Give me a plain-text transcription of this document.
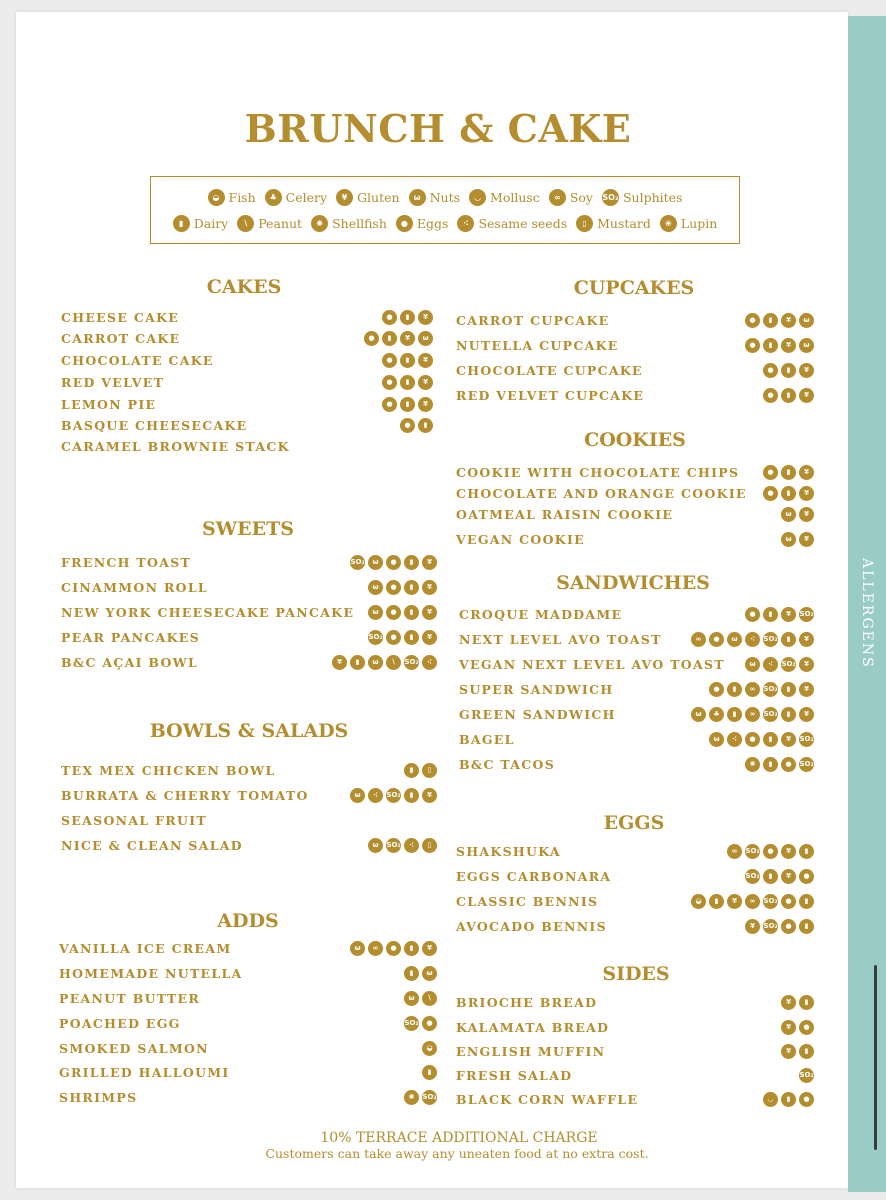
ALLERGENS
BRUNCH & CAKE
◒ Fish	♣ Celery	¥ Gluten	ω Nuts	◡ Mollusc	∞ Soy SO₂ Sulphites
▮ Dairy	∖ Peanut	✺ Shellfish	● Eggs	⁖ Sesame seeds	▯ Mustard	❀ Lupin
CAKES
CHEESE CAKE	●	▮	¥
CARROT CAKE	●	▮	¥	ω
CHOCOLATE CAKE	●	▮	¥
RED VELVET	●	▮	¥
LEMON PIE	●	▮	¥
BASQUE CHEESECAKE	●	▮
CARAMEL BROWNIE STACK
SWEETS
FRENCH TOAST	SO₂	ω	●	▮	¥
CINAMMON ROLL	ω	●	▮	¥
NEW YORK CHEESECAKE PANCAKE	ω	●	▮	¥
PEAR PANCAKES	SO₂	●	▮	¥
B&C AÇAI BOWL	¥	▮	ω	∖	SO₂	⁖
BOWLS & SALADS
TEX MEX CHICKEN BOWL	▮	▯
BURRATA & CHERRY TOMATO	ω	⁖	SO₂	▮	¥
SEASONAL FRUIT
NICE & CLEAN SALAD	ω	SO₂	⁖	▯
ADDS
VANILLA ICE CREAM	ω	∞	●	▮	¥
HOMEMADE NUTELLA	▮	ω
PEANUT BUTTER	ω	∖
POACHED EGG	SO₂	●
SMOKED SALMON	◒
GRILLED HALLOUMI	▮
SHRIMPS	✺	SO₂
CUPCAKES
CARROT CUPCAKE	●	▮	¥	ω
NUTELLA CUPCAKE	●	▮	¥	ω
CHOCOLATE CUPCAKE	●	▮	¥
RED VELVET CUPCAKE	●	▮	¥
COOKIES
COOKIE WITH CHOCOLATE CHIPS	●	▮	¥
CHOCOLATE AND ORANGE COOKIE	●	▮	¥
OATMEAL RAISIN COOKIE	ω	¥
VEGAN COOKIE	ω	¥
SANDWICHES
CROQUE MADDAME	●	▮	¥	SO₂
NEXT LEVEL AVO TOAST	∞	●	ω	⁖	SO₂	▮	¥
VEGAN NEXT LEVEL AVO TOAST	ω	⁖	SO₂	¥
SUPER SANDWICH	●	▮	∞	SO₂	▮	¥
GREEN SANDWICH	ω	♣	▮	∞	SO₂	▮	¥
BAGEL	ω	⁖	●	▮	¥	SO₂
B&C TACOS	✺	▮	●	SO₂
EGGS
SHAKSHUKA	∞	SO₂	●	¥	▮
EGGS CARBONARA	SO₂	▮	¥	●
CLASSIC BENNIS	◒	▮	¥	∞	SO₂	●	▮
AVOCADO BENNIS	¥	SO₂	●	▮
SIDES
BRIOCHE BREAD	¥	▮
KALAMATA BREAD	¥	●
ENGLISH MUFFIN	¥	▮
FRESH SALAD	SO₂
BLACK CORN WAFFLE	◡	▮	●
10% TERRACE ADDITIONAL CHARGE
Customers can take away any uneaten food at no extra cost.
